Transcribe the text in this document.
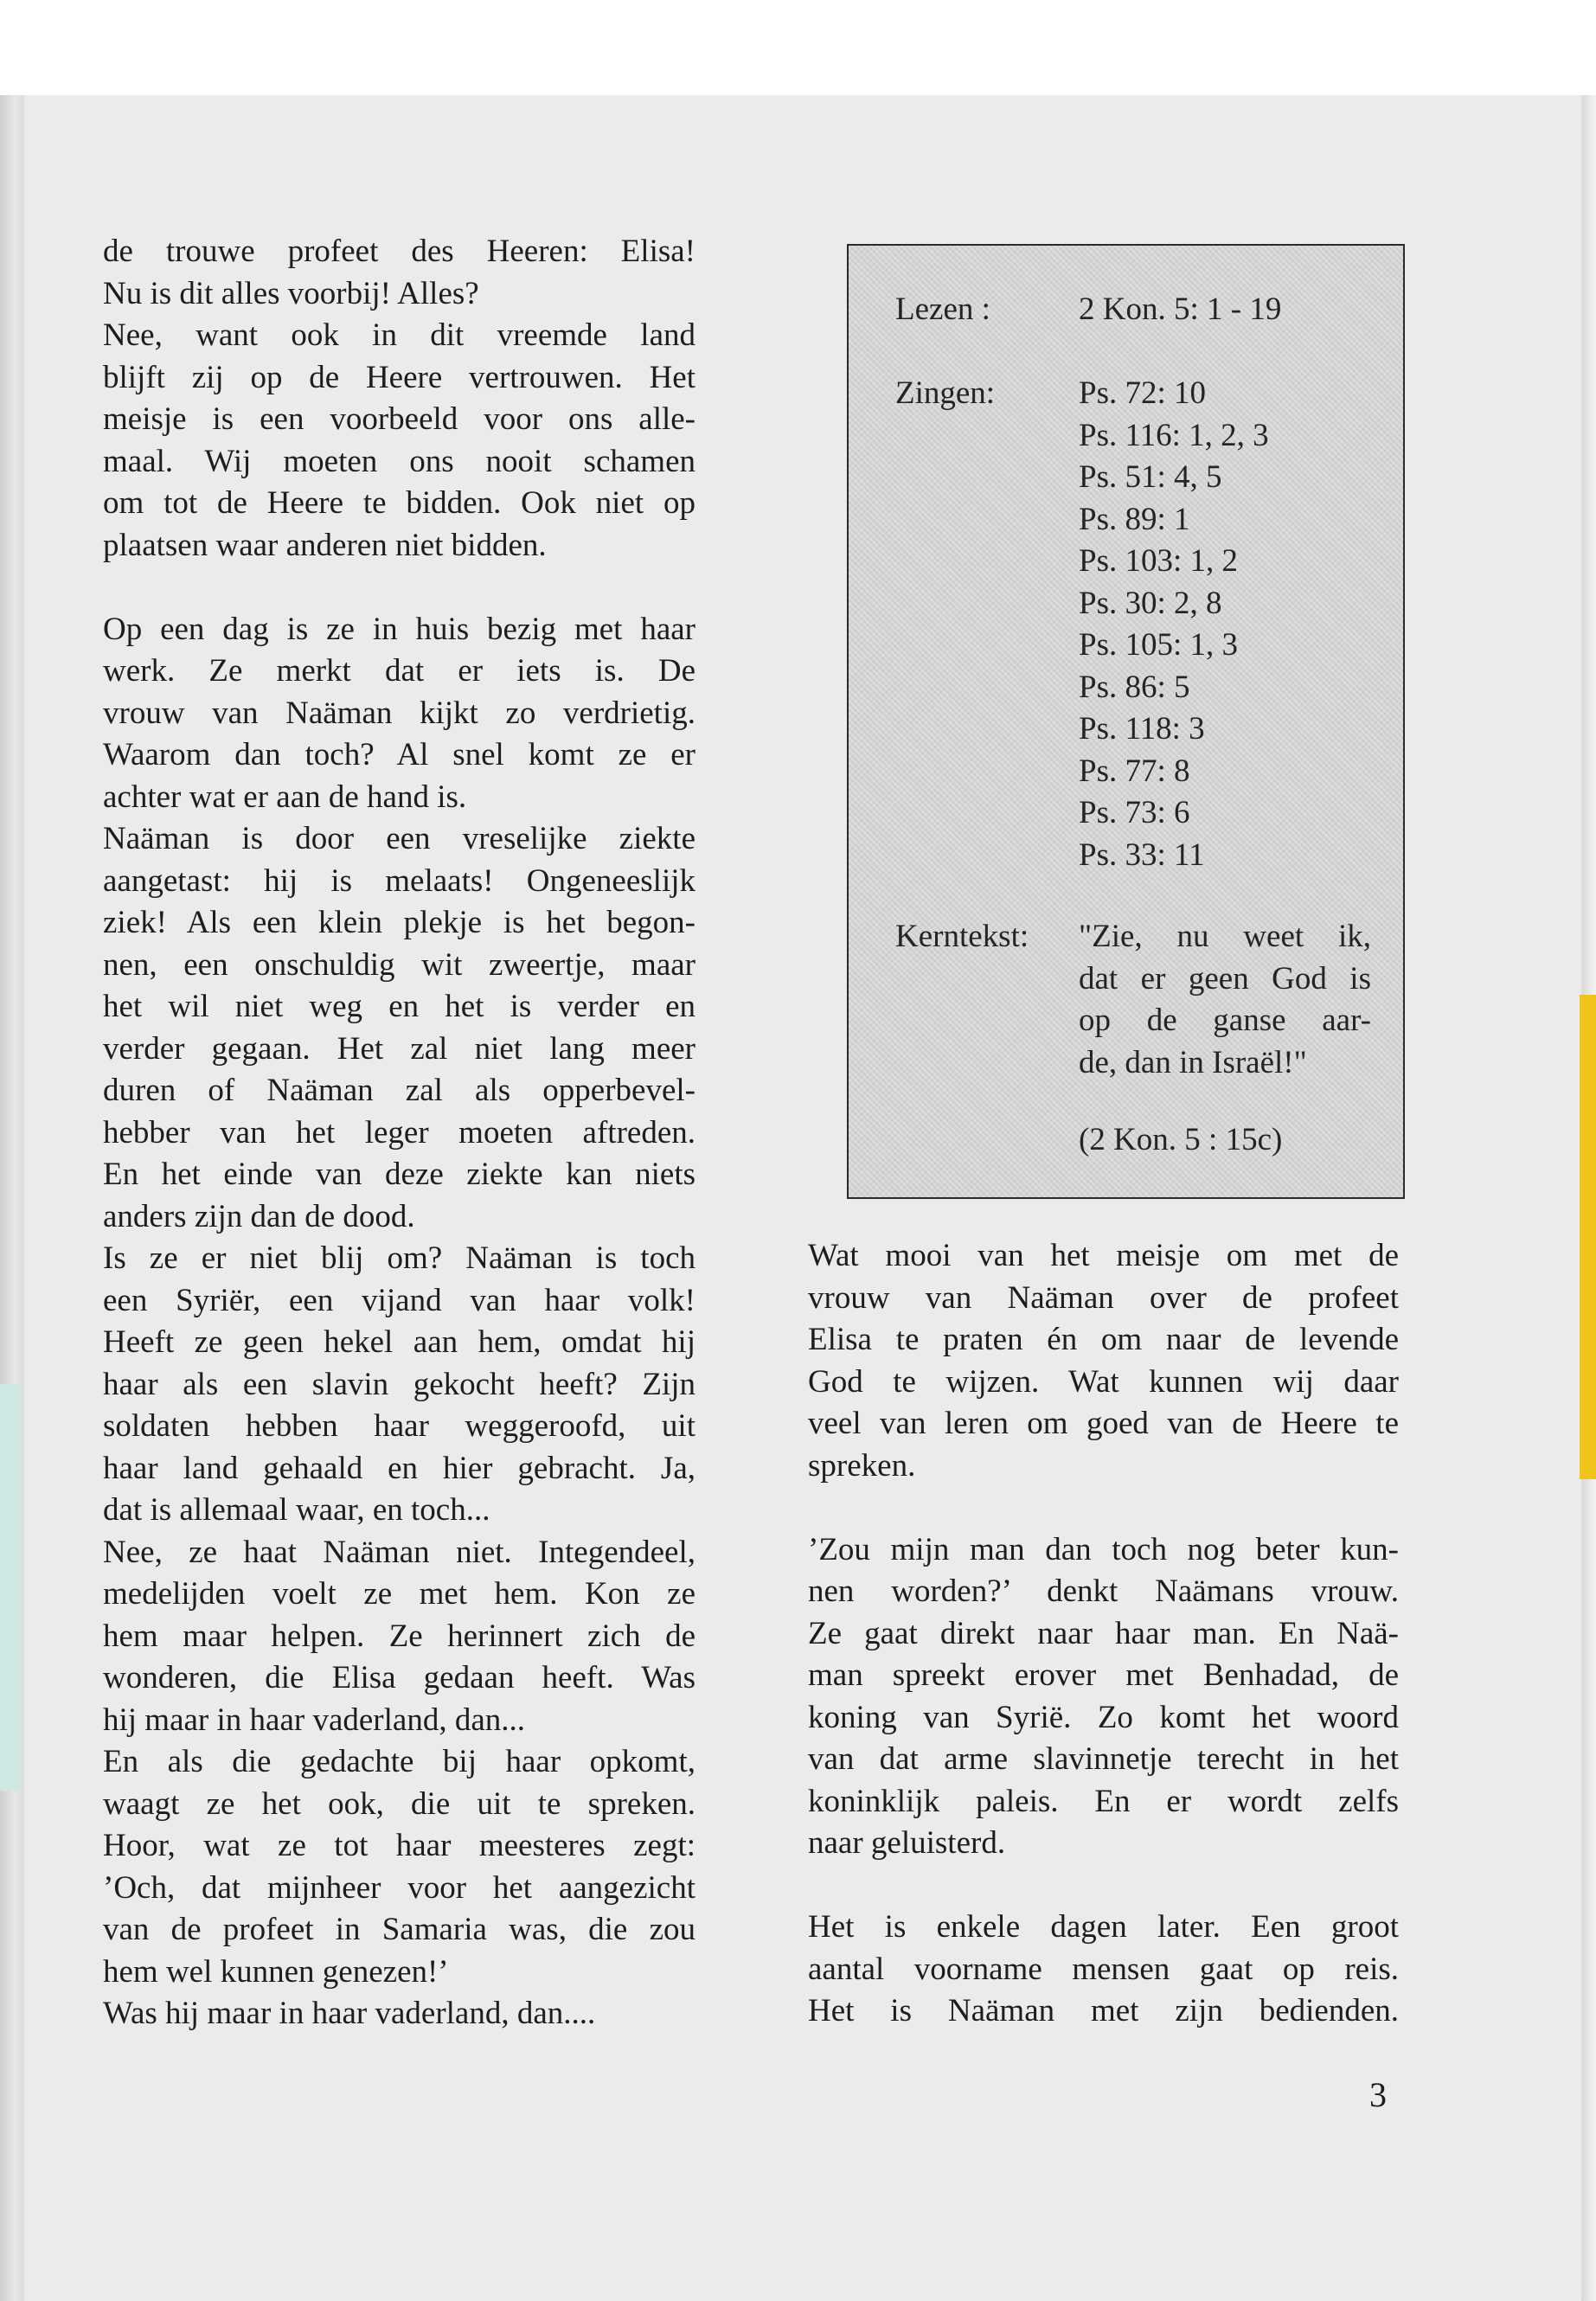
de trouwe profeet des Heeren: Elisa!
Nu is dit alles voorbij! Alles?
Nee, want ook in dit vreemde land
blijft zij op de Heere vertrouwen. Het
meisje is een voorbeeld voor ons alle-
maal. Wij moeten ons nooit schamen
om tot de Heere te bidden. Ook niet op
plaatsen waar anderen niet bidden.
Op een dag is ze in huis bezig met haar
werk. Ze merkt dat er iets is. De
vrouw van Naäman kijkt zo verdrietig.
Waarom dan toch? Al snel komt ze er
achter wat er aan de hand is.
Naäman is door een vreselijke ziekte
aangetast: hij is melaats! Ongeneeslijk
ziek! Als een klein plekje is het begon-
nen, een onschuldig wit zweertje, maar
het wil niet weg en het is verder en
verder gegaan. Het zal niet lang meer
duren of Naäman zal als opperbevel-
hebber van het leger moeten aftreden.
En het einde van deze ziekte kan niets
anders zijn dan de dood.
Is ze er niet blij om? Naäman is toch
een Syriër, een vijand van haar volk!
Heeft ze geen hekel aan hem, omdat hij
haar als een slavin gekocht heeft? Zijn
soldaten hebben haar weggeroofd, uit
haar land gehaald en hier gebracht. Ja,
dat is allemaal waar, en toch...
Nee, ze haat Naäman niet. Integendeel,
medelijden voelt ze met hem. Kon ze
hem maar helpen. Ze herinnert zich de
wonderen, die Elisa gedaan heeft. Was
hij maar in haar vaderland, dan...
En als die gedachte bij haar opkomt,
waagt ze het ook, die uit te spreken.
Hoor, wat ze tot haar meesteres zegt:
’Och, dat mijnheer voor het aangezicht
van de profeet in Samaria was, die zou
hem wel kunnen genezen!’
Was hij maar in haar vaderland, dan....
Lezen :	2 Kon. 5: 1 - 19
Zingen:	Ps. 72: 10
Ps. 116: 1, 2, 3
Ps. 51: 4, 5
Ps. 89: 1
Ps. 103: 1, 2
Ps. 30: 2, 8
Ps. 105: 1, 3
Ps. 86: 5
Ps. 118: 3
Ps. 77: 8
Ps. 73: 6
Ps. 33: 11
Kerntekst: "Zie, nu weet ik,
dat er geen God is
op de ganse aar-
de, dan in Israël!"
(2 Kon. 5 : 15c)
Wat mooi van het meisje om met de
vrouw van Naäman over de profeet
Elisa te praten én om naar de levende
God te wijzen. Wat kunnen wij daar
veel van leren om goed van de Heere te
spreken.
’Zou mijn man dan toch nog beter kun-
nen worden?’ denkt Naämans vrouw.
Ze gaat direkt naar haar man. En Naä-
man spreekt erover met Benhadad, de
koning van Syrië. Zo komt het woord
van dat arme slavinnetje terecht in het
koninklijk paleis. En er wordt zelfs
naar geluisterd.
Het is enkele dagen later. Een groot
aantal voorname mensen gaat op reis.
Het is Naäman met zijn bedienden.
3
